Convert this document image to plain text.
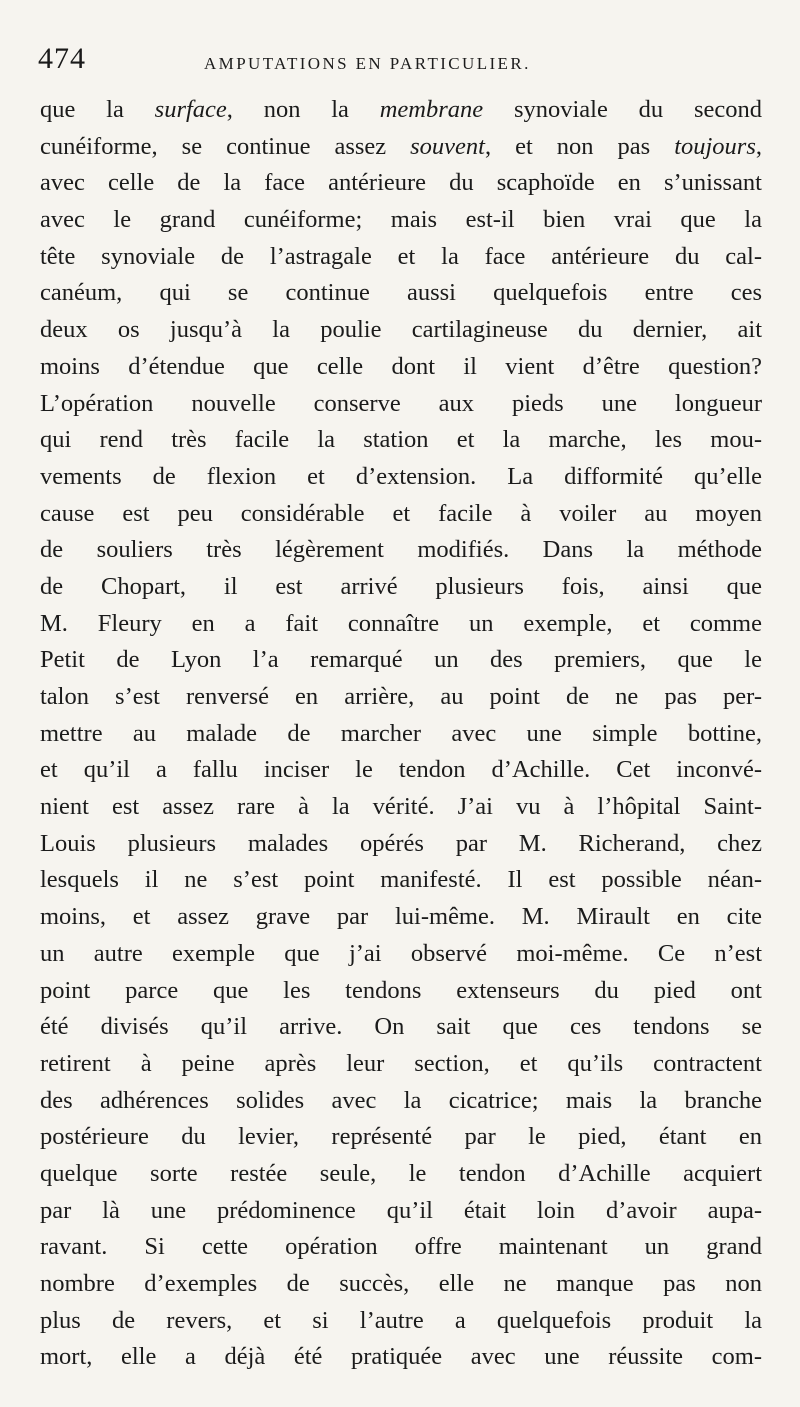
474	AMPUTATIONS EN PARTICULIER.
que la surface, non la membrane synoviale du second
cunéiforme, se continue assez souvent, et non pas toujours,
avec celle de la face antérieure du scaphoïde en s’unissant
avec le grand cunéiforme; mais est-il bien vrai que la
tête synoviale de l’astragale et la face antérieure du cal-
canéum, qui se continue aussi quelquefois entre ces
deux os jusqu’à la poulie cartilagineuse du dernier, ait
moins d’étendue que celle dont il vient d’être question?
L’opération nouvelle conserve aux pieds une longueur
qui rend très facile la station et la marche, les mou-
vements de flexion et d’extension. La difformité qu’elle
cause est peu considérable et facile à voiler au moyen
de souliers très légèrement modifiés. Dans la méthode
de Chopart, il est arrivé plusieurs fois, ainsi que
M. Fleury en a fait connaître un exemple, et comme
Petit de Lyon l’a remarqué un des premiers, que le
talon s’est renversé en arrière, au point de ne pas per-
mettre au malade de marcher avec une simple bottine,
et qu’il a fallu inciser le tendon d’Achille. Cet inconvé-
nient est assez rare à la vérité. J’ai vu à l’hôpital Saint-
Louis plusieurs malades opérés par M. Richerand, chez
lesquels il ne s’est point manifesté. Il est possible néan-
moins, et assez grave par lui-même. M. Mirault en cite
un autre exemple que j’ai observé moi-même. Ce n’est
point parce que les tendons extenseurs du pied ont
été divisés qu’il arrive. On sait que ces tendons se
retirent à peine après leur section, et qu’ils contractent
des adhérences solides avec la cicatrice; mais la branche
postérieure du levier, représenté par le pied, étant en
quelque sorte restée seule, le tendon d’Achille acquiert
par là une prédominence qu’il était loin d’avoir aupa-
ravant. Si cette opération offre maintenant un grand
nombre d’exemples de succès, elle ne manque pas non
plus de revers, et si l’autre a quelquefois produit la
mort, elle a déjà été pratiquée avec une réussite com-
